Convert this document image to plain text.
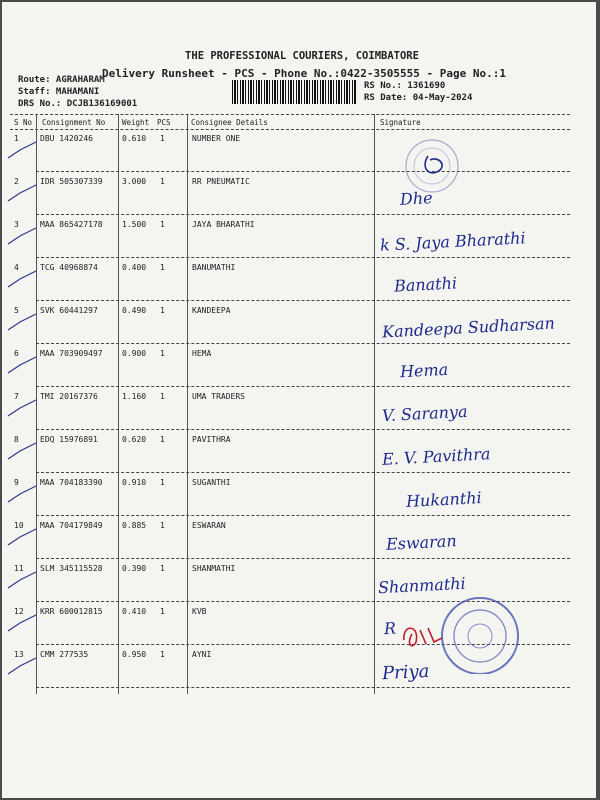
THE PROFESSIONAL COURIERS, COIMBATORE
Delivery Runsheet - PCS - Phone No.:0422-3505555 - Page No.:1
Route: AGRAHARAM
Staff: MAHAMANI
DRS No.: DCJB136169001
RS No.: 1361690
RS Date: 04-May-2024
S No Consignment No Weight PCS	Consignee Details	Signature
1	DBU 1420246	0.610 1	NUMBER ONE
2	IDR 505307339 3.000 1	RR PNEUMATIC
Dhe
3	MAA 865427178 1.500 1	JAYA BHARATHI
k S. Jaya Bharathi
4	TCG 40968874	0.400 1	BANUMATHI
Banathi
5	SVK 60441297	0.490 1	KANDEEPA
Kandeepa Sudharsan
6	MAA 703909497 0.900 1	HEMA
Hema
7	TMI 20167376	1.160 1	UMA TRADERS
V. Saranya
8	EDQ 15976891	0.620 1	PAVITHRA
E. V. Pavithra
9	MAA 704183390 0.910 1	SUGANTHI
Hukanthi
10 MAA 704179849 0.885 1	ESWARAN
Eswaran
11 SLM 345115528 0.390 1	SHANMATHI
Shanmathi
12 KRR 600012815 0.410 1	KVB
R
13 CMM 277535	0.950 1	AYNI
Priya
